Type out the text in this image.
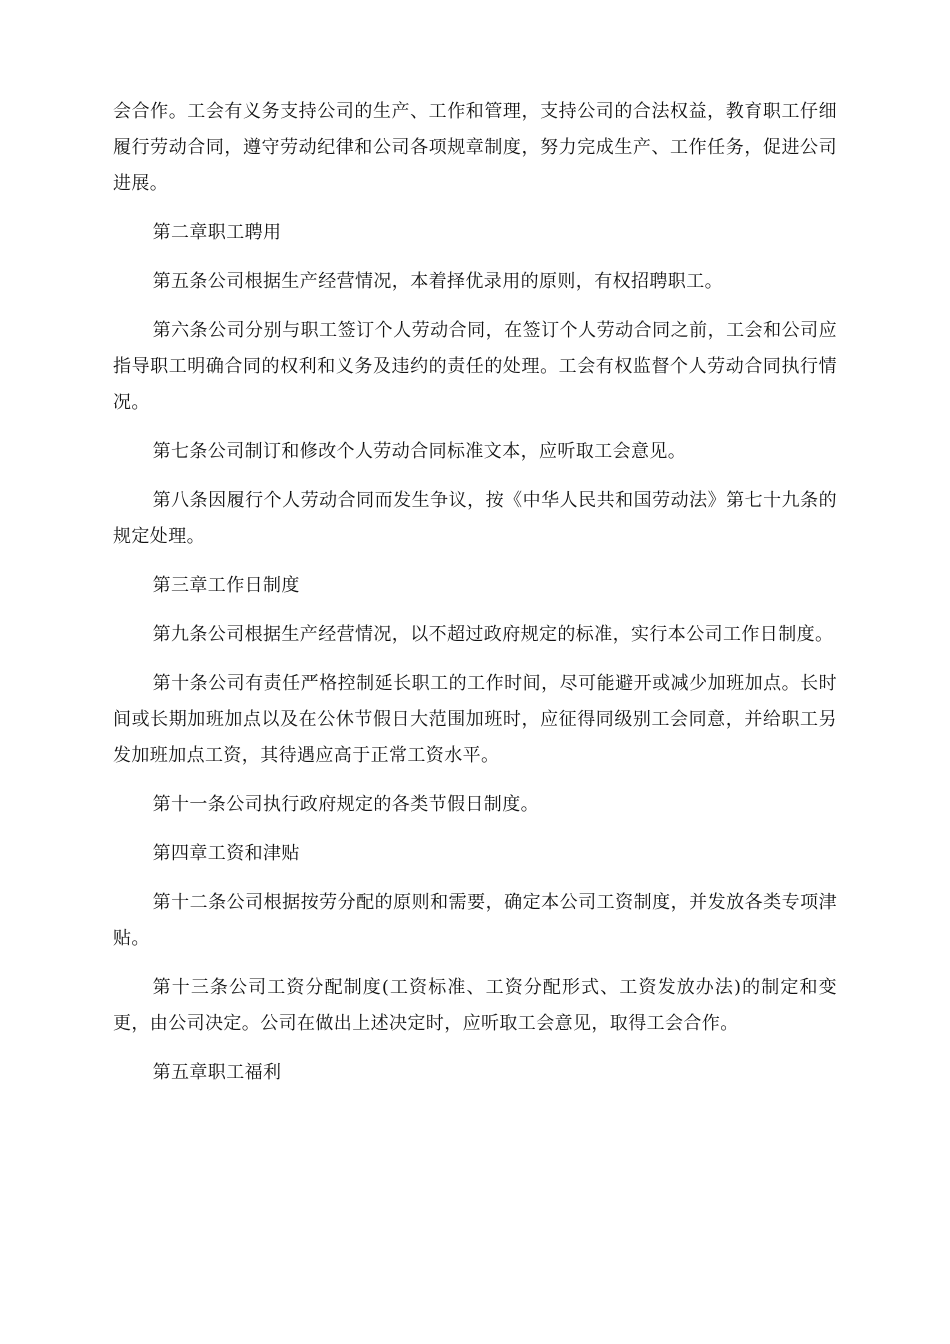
会合作。工会有义务支持公司的生产、工作和管理，支持公司的合法权益，教育职工仔细履行劳动合同，遵守劳动纪律和公司各项规章制度，努力完成生产、工作任务，促进公司进展。

第二章职工聘用

第五条公司根据生产经营情况，本着择优录用的原则，有权招聘职工。

第六条公司分别与职工签订个人劳动合同，在签订个人劳动合同之前，工会和公司应指导职工明确合同的权利和义务及违约的责任的处理。工会有权监督个人劳动合同执行情况。

第七条公司制订和修改个人劳动合同标准文本，应听取工会意见。

第八条因履行个人劳动合同而发生争议，按《中华人民共和国劳动法》第七十九条的规定处理。

第三章工作日制度

第九条公司根据生产经营情况，以不超过政府规定的标准，实行本公司工作日制度。

第十条公司有责任严格控制延长职工的工作时间，尽可能避开或减少加班加点。长时间或长期加班加点以及在公休节假日大范围加班时，应征得同级别工会同意，并给职工另发加班加点工资，其待遇应高于正常工资水平。

第十一条公司执行政府规定的各类节假日制度。

第四章工资和津贴

第十二条公司根据按劳分配的原则和需要，确定本公司工资制度，并发放各类专项津贴。

第十三条公司工资分配制度(工资标准、工资分配形式、工资发放办法)的制定和变更，由公司决定。公司在做出上述决定时，应听取工会意见，取得工会合作。

第五章职工福利
